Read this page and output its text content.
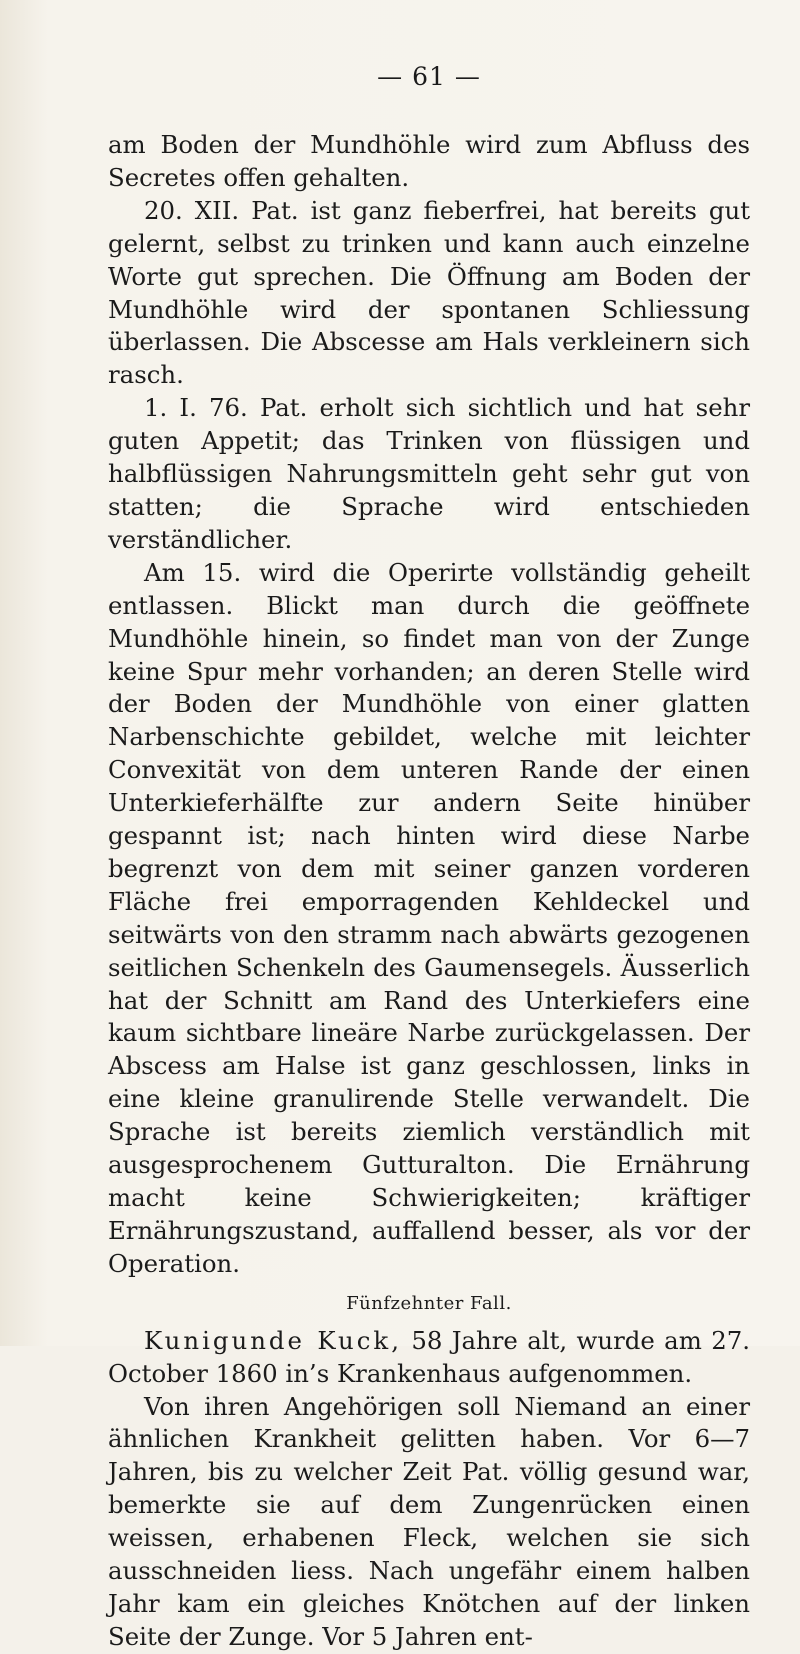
— 61 —

am Boden der Mundhöhle wird zum Abfluss des Secretes offen gehalten.

20. XII. Pat. ist ganz fieberfrei, hat bereits gut gelernt, selbst zu trinken und kann auch einzelne Worte gut sprechen. Die Öffnung am Boden der Mundhöhle wird der spontanen Schliessung überlassen. Die Abscesse am Hals verkleinern sich rasch.

1. I. 76. Pat. erholt sich sichtlich und hat sehr guten Appetit; das Trinken von flüssigen und halbflüssigen Nahrungsmitteln geht sehr gut von statten; die Sprache wird entschieden verständlicher.

Am 15. wird die Operirte vollständig geheilt entlassen. Blickt man durch die geöffnete Mundhöhle hinein, so findet man von der Zunge keine Spur mehr vorhanden; an deren Stelle wird der Boden der Mundhöhle von einer glatten Narbenschichte gebildet, welche mit leichter Convexität von dem unteren Rande der einen Unterkieferhälfte zur andern Seite hinüber gespannt ist; nach hinten wird diese Narbe begrenzt von dem mit seiner ganzen vorderen Fläche frei emporragenden Kehldeckel und seitwärts von den stramm nach abwärts gezogenen seitlichen Schenkeln des Gaumensegels. Äusserlich hat der Schnitt am Rand des Unterkiefers eine kaum sichtbare lineäre Narbe zurückgelassen. Der Abscess am Halse ist ganz geschlossen, links in eine kleine granulirende Stelle verwandelt. Die Sprache ist bereits ziemlich verständlich mit ausgesprochenem Gutturalton. Die Ernährung macht keine Schwierigkeiten; kräftiger Ernährungszustand, auffallend besser, als vor der Operation.

Fünfzehnter Fall.

Kunigunde Kuck, 58 Jahre alt, wurde am 27. October 1860 in’s Krankenhaus aufgenommen.

Von ihren Angehörigen soll Niemand an einer ähnlichen Krankheit gelitten haben. Vor 6—7 Jahren, bis zu welcher Zeit Pat. völlig gesund war, bemerkte sie auf dem Zungenrücken einen weissen, erhabenen Fleck, welchen sie sich ausschneiden liess. Nach ungefähr einem halben Jahr kam ein gleiches Knötchen auf der linken Seite der Zunge. Vor 5 Jahren ent-
